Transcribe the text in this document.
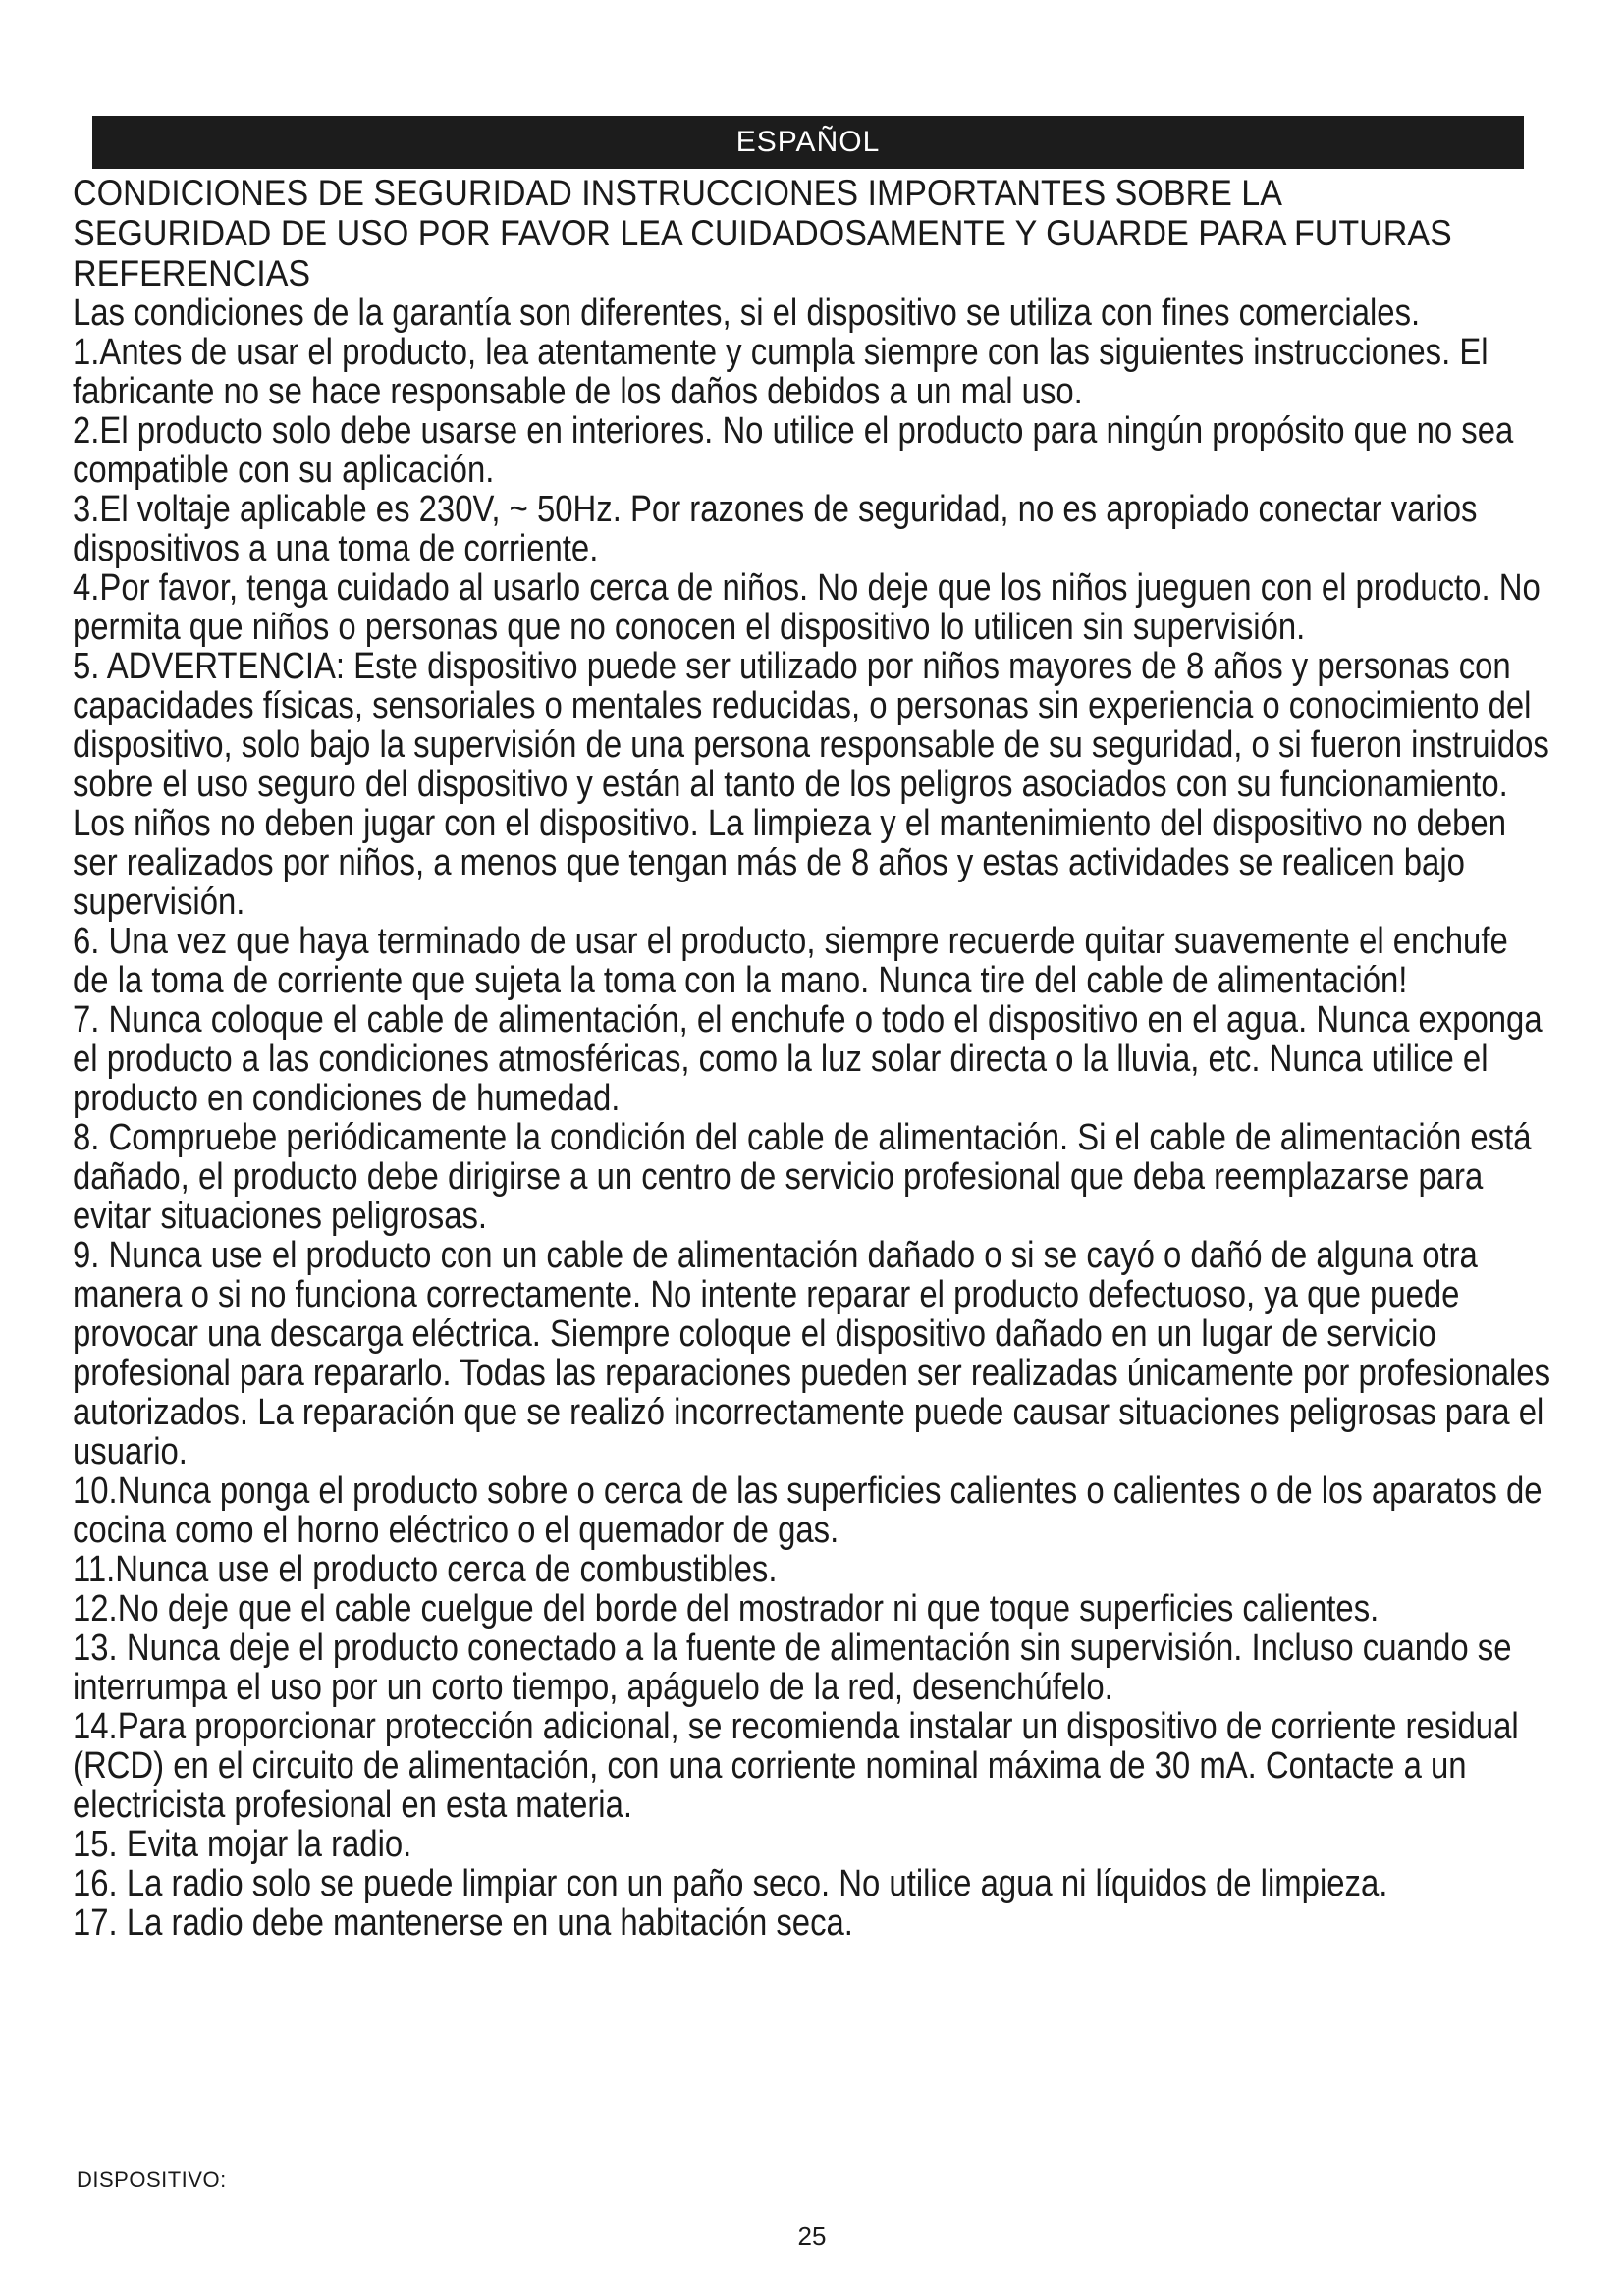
ESPAÑOL
CONDICIONES DE SEGURIDAD INSTRUCCIONES IMPORTANTES SOBRE LA SEGURIDAD DE USO POR FAVOR LEA CUIDADOSAMENTE Y GUARDE PARA FUTURAS REFERENCIAS

Las condiciones de la garantía son diferentes, si el dispositivo se utiliza con fines comerciales.

1.Antes de usar el producto, lea atentamente y cumpla siempre con las siguientes instrucciones. El fabricante no se hace responsable de los daños debidos a un mal uso.

2.El producto solo debe usarse en interiores. No utilice el producto para ningún propósito que no sea compatible con su aplicación.

3.El voltaje aplicable es 230V, ~ 50Hz. Por razones de seguridad, no es apropiado conectar varios dispositivos a una toma de corriente.

4.Por favor, tenga cuidado al usarlo cerca de niños. No deje que los niños jueguen con el producto. No permita que niños o personas que no conocen el dispositivo lo utilicen sin supervisión.

5. ADVERTENCIA: Este dispositivo puede ser utilizado por niños mayores de 8 años y personas con capacidades físicas, sensoriales o mentales reducidas, o personas sin experiencia o conocimiento del dispositivo, solo bajo la supervisión de una persona responsable de su seguridad, o si fueron instruidos sobre el uso seguro del dispositivo y están al tanto de los peligros asociados con su funcionamiento. Los niños no deben jugar con el dispositivo. La limpieza y el mantenimiento del dispositivo no deben ser realizados por niños, a menos que tengan más de 8 años y estas actividades se realicen bajo supervisión.

6. Una vez que haya terminado de usar el producto, siempre recuerde quitar suavemente el enchufe de la toma de corriente que sujeta la toma con la mano. Nunca tire del cable de alimentación!

7. Nunca coloque el cable de alimentación, el enchufe o todo el dispositivo en el agua. Nunca exponga el producto a las condiciones atmosféricas, como la luz solar directa o la lluvia, etc. Nunca utilice el producto en condiciones de humedad.

8. Compruebe periódicamente la condición del cable de alimentación. Si el cable de alimentación está dañado, el producto debe dirigirse a un centro de servicio profesional que deba reemplazarse para evitar situaciones peligrosas.

9. Nunca use el producto con un cable de alimentación dañado o si se cayó o dañó de alguna otra manera o si no funciona correctamente. No intente reparar el producto defectuoso, ya que puede provocar una descarga eléctrica. Siempre coloque el dispositivo dañado en un lugar de servicio profesional para repararlo. Todas las reparaciones pueden ser realizadas únicamente por profesionales autorizados. La reparación que se realizó incorrectamente puede causar situaciones peligrosas para el usuario.

10.Nunca ponga el producto sobre o cerca de las superficies calientes o calientes o de los aparatos de cocina como el horno eléctrico o el quemador de gas.

11.Nunca use el producto cerca de combustibles.

12.No deje que el cable cuelgue del borde del mostrador ni que toque superficies calientes.

13. Nunca deje el producto conectado a la fuente de alimentación sin supervisión. Incluso cuando se interrumpa el uso por un corto tiempo, apáguelo de la red, desenchúfelo.

14.Para proporcionar protección adicional, se recomienda instalar un dispositivo de corriente residual (RCD) en el circuito de alimentación, con una corriente nominal máxima de 30 mA. Contacte a un electricista profesional en esta materia.

15. Evita mojar la radio.

16. La radio solo se puede limpiar con un paño seco. No utilice agua ni líquidos de limpieza.

17. La radio debe mantenerse en una habitación seca.

DISPOSITIVO:
25
